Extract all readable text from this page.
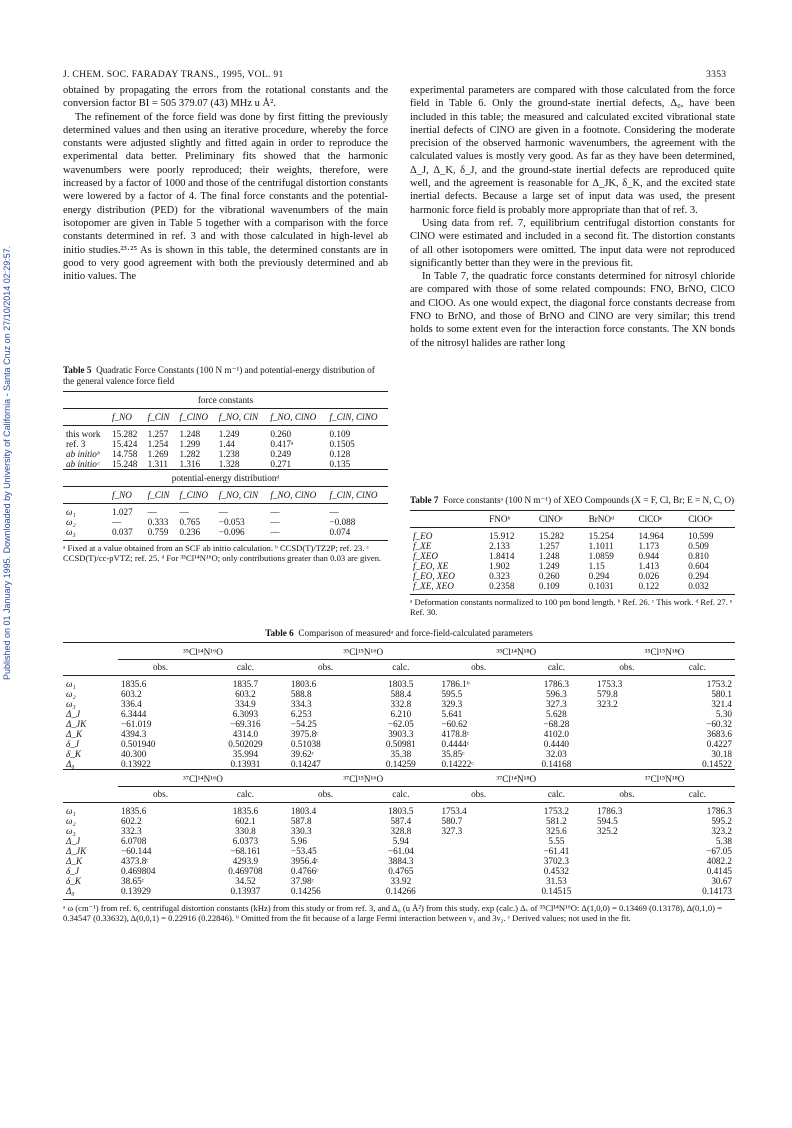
Published on 01 January 1995. Downloaded by University of California - Santa Cruz on 27/10/2014 02:29:57.
J. CHEM. SOC. FARADAY TRANS., 1995, VOL. 91	3353

obtained by propagating the errors from the rotational constants and the conversion factor BI = 505 379.07 (43) MHz u Å².

The refinement of the force field was done by first fitting the previously determined values and then using an iterative procedure, whereby the force constants were adjusted slightly and fitted again in order to reproduce the experimental data better. Preliminary fits showed that the harmonic wavenumbers were poorly reproduced; their weights, therefore, were increased by a factor of 1000 and those of the centrifugal distortion constants were lowered by a factor of 4. The final force constants and the potential-energy distribution (PED) for the vibrational wavenumbers of the main isotopomer are given in Table 5 together with a comparison with the force constants determined in ref. 3 and with those calculated in high-level ab initio studies.²³·²⁵ As is shown in this table, the determined constants are in good to very good agreement with both the previously determined and ab initio values. The

experimental parameters are compared with those calculated from the force field in Table 6. Only the ground-state inertial defects, Δ₀, have been included in this table; the measured and calculated excited vibrational state inertial defects of ClNO are given in a footnote. Considering the moderate precision of the observed harmonic wavenumbers, the agreement with the calculated values is mostly very good. As far as they have been determined, Δ_J, Δ_K, δ_J, and the ground-state inertial defects are reproduced quite well, and the agreement is reasonable for Δ_JK, δ_K, and the excited state inertial defects. Because a large set of input data was used, the present harmonic force field is probably more appropriate than that of ref. 3.

Using data from ref. 7, equilibrium centrifugal distortion constants for ClNO were estimated and included in a second fit. The distortion constants of all other isotopomers were omitted. The input data were not reproduced significantly better than they were in the previous fit.

In Table 7, the quadratic force constants determined for nitrosyl chloride are compared with those of some related compounds: FNO, BrNO, ClCO and ClOO. As one would expect, the diagonal force constants decrease from FNO to BrNO, and those of BrNO and ClNO are very similar; this trend holds to some extent even for the interaction force constants. The XN bonds of the nitrosyl halides are rather long

Table 5 Quadratic Force Constants (100 N m⁻¹) and potential-energy distribution of the general valence force field
force constants						
	f_NO	f_ClN	f_ClNO	f_NO, ClN	f_NO, ClNO	f_ClN, ClNO
this work	15.282	1.257	1.248	1.249	0.260	0.109
ref. 3	15.424	1.254	1.299	1.44	0.417ᵃ	0.1505
ab initioᵇ	14.758	1.269	1.282	1.238	0.249	0.128
ab initioᶜ	15.248	1.311	1.316	1.328	0.271	0.135
potential-energy distributionᵈ						
	f_NO	f_ClN	f_ClNO	f_NO, ClN	f_NO, ClNO	f_ClN, ClNO
ω₁	1.027	—	—	—	—	—
ω₂	—	0.333	0.765	−0.053	—	−0.088
ω₃	0.037	0.759	0.236	−0.096	—	0.074
ᵃ Fixed at a value obtained from an SCF ab initio calculation. ᵇ CCSD(T)/TZ2P; ref. 23. ᶜ CCSD(T)/cc-pVTZ; ref. 25. ᵈ For ³⁵Cl¹⁴N¹⁶O; only contributions greater than 0.03 are given.
Table 7 Force constantsᵃ (100 N m⁻¹) of XEO Compounds (X = F, Cl, Br; E = N, C, O)
	FNOᵇ	ClNOᶜ	BrNOᵈ	ClCOᵉ	ClOOᵉ
f_EO	15.912	15.282	15.254	14.964	10.599
f_XE	2.133	1.257	1.1011	1.173	0.509
f_XEO	1.8414	1.248	1.0859	0.944	0.810
f_EO, XE	1.902	1.249	1.15	1.413	0.604
f_EO, XEO	0.323	0.260	0.294	0.026	0.294
f_XE, XEO	0.2358	0.109	0.1031	0.122	0.032
ᵃ Deformation constants normalized to 100 pm bond length. ᵇ Ref. 26. ᶜ This work. ᵈ Ref. 27. ᵉ Ref. 30.
Table 6 Comparison of measuredᵃ and force-field-calculated parameters
	³⁵Cl¹⁴N¹⁶O		³⁵Cl¹⁵N¹⁶O		³⁵Cl¹⁴N¹⁸O		³⁵Cl¹⁵N¹⁸O	
	obs.	calc.	obs.	calc.	obs.	calc.	obs.	calc.
ω₁	1835.6	1835.7	1803.6	1803.5	1786.1ᵇ	1786.3	1753.3	1753.2
ω₂	603.2	603.2	588.8	588.4	595.5	596.3	579.8	580.1
ω₃	336.4	334.9	334.3	332.8	329.3	327.3	323.2	321.4
Δ_J	6.3444	6.3093	6.253	6.210	5.641	5.628		5.30
Δ_JK	−61.019	−69.316	−54.25	−62.05	−60.62	−68.28		−60.32
Δ_K	4394.3	4314.0	3975.8ᶜ	3903.3	4178.8ᶜ	4102.0		3683.6
δ_J	0.501940	0.502029	0.51038	0.50981	0.4444ᶜ	0.4440		0.4227
δ_K	40.300	35.994	39.62ᶜ	35.38	35.85ᶜ	32.03		30.18
Δ₀	0.13922	0.13931	0.14247	0.14259	0.14222ᶜ	0.14168		0.14522
	³⁷Cl¹⁴N¹⁶O		³⁷Cl¹⁵N¹⁶O		³⁷Cl¹⁴N¹⁸O		³⁷Cl¹⁵N¹⁸O	
	obs.	calc.	obs.	calc.	obs.	calc.	obs.	calc.
ω₁	1835.6	1835.6	1803.4	1803.5	1753.4	1753.2	1786.3	1786.3
ω₂	602.2	602.1	587.8	587.4	580.7	581.2	594.5	595.2
ω₃	332.3	330.8	330.3	328.8	327.3	325.6	325.2	323.2
Δ_J	6.0708	6.0373	5.96	5.94		5.55		5.38
Δ_JK	−60.144	−68.161	−53.45	−61.04		−61.41		−67.05
Δ_K	4373.8ᶜ	4293.9	3956.4ᶜ	3884.3		3702.3		4082.2
δ_J	0.469804	0.469708	0.4766ᶜ	0.4765		0.4532		0.4145
δ_K	38.65ᶜ	34.52	37.98ᶜ	33.92		31.53		30.67
Δ₀	0.13929	0.13937	0.14256	0.14266		0.14515		0.14173
ᵃ ω (cm⁻¹) from ref. 6, centrifugal distortion constants (kHz) from this study or from ref. 3, and Δ₀ (u Å²) from this study. exp (calc.) Δᵥ of ³⁵Cl¹⁴N¹⁶O: Δ(1,0,0) = 0.13469 (0.13178), Δ(0,1,0) = 0.34547 (0.33632), Δ(0,0,1) = 0.22916 (0.22846). ᵇ Omitted from the fit because of a large Fermi interaction between ν₁ and 3ν₂. ᶜ Derived values; not used in the fit.
